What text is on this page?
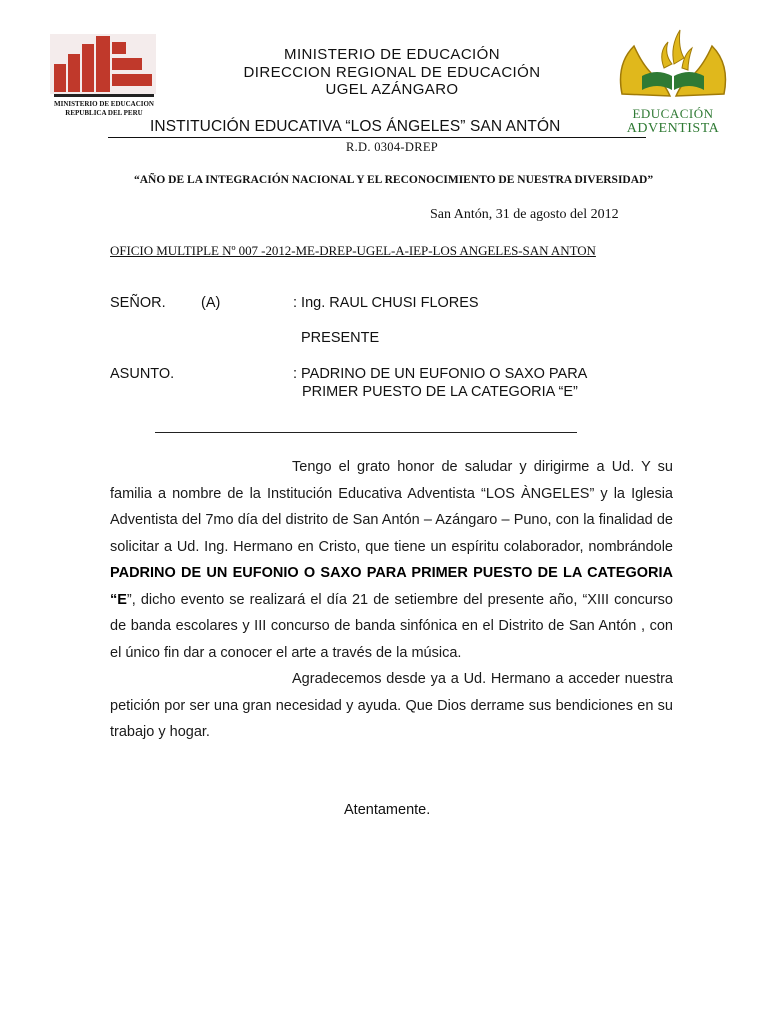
MINISTERIO DE EDUCACION
REPUBLICA DEL PERU	EDUCACIÓN
ADVENTISTA
MINISTERIO DE EDUCACIÓN
DIRECCION REGIONAL DE EDUCACIÓN
UGEL AZÁNGARO
INSTITUCIÓN EDUCATIVA “LOS ÁNGELES” SAN ANTÓN
R.D. 0304-DREP
“AÑO DE LA INTEGRACIÓN NACIONAL Y EL RECONOCIMIENTO DE NUESTRA DIVERSIDAD”
San Antón, 31 de agosto del 2012
OFICIO MULTIPLE Nº 007 -2012-ME-DREP-UGEL-A-IEP-LOS ANGELES-SAN ANTON
SEÑOR. (A)	: Ing. RAUL CHUSI FLORES
PRESENTE
ASUNTO.	: PADRINO DE UN EUFONIO O SAXO PARA
PRIMER PUESTO DE LA CATEGORIA “E”

Tengo el grato honor de saludar y dirigirme a Ud. Y su familia a nombre de la Institución Educativa Adventista “LOS ÀNGELES” y la Iglesia Adventista del 7mo día del distrito de San Antón – Azángaro – Puno, con la finalidad de solicitar a Ud. Ing. Hermano en Cristo, que tiene un espíritu colaborador, nombrándole PADRINO DE UN EUFONIO O SAXO PARA PRIMER PUESTO DE LA CATEGORIA “E”, dicho evento se realizará el día 21 de setiembre del presente año, “XIII concurso de banda escolares y III concurso de banda sinfónica en el Distrito de San Antón , con el único fin dar a conocer el arte a través de la música.

Agradecemos desde ya a Ud. Hermano a acceder nuestra petición por ser una gran necesidad y ayuda. Que Dios derrame sus bendiciones en su trabajo y hogar.

Atentamente.
